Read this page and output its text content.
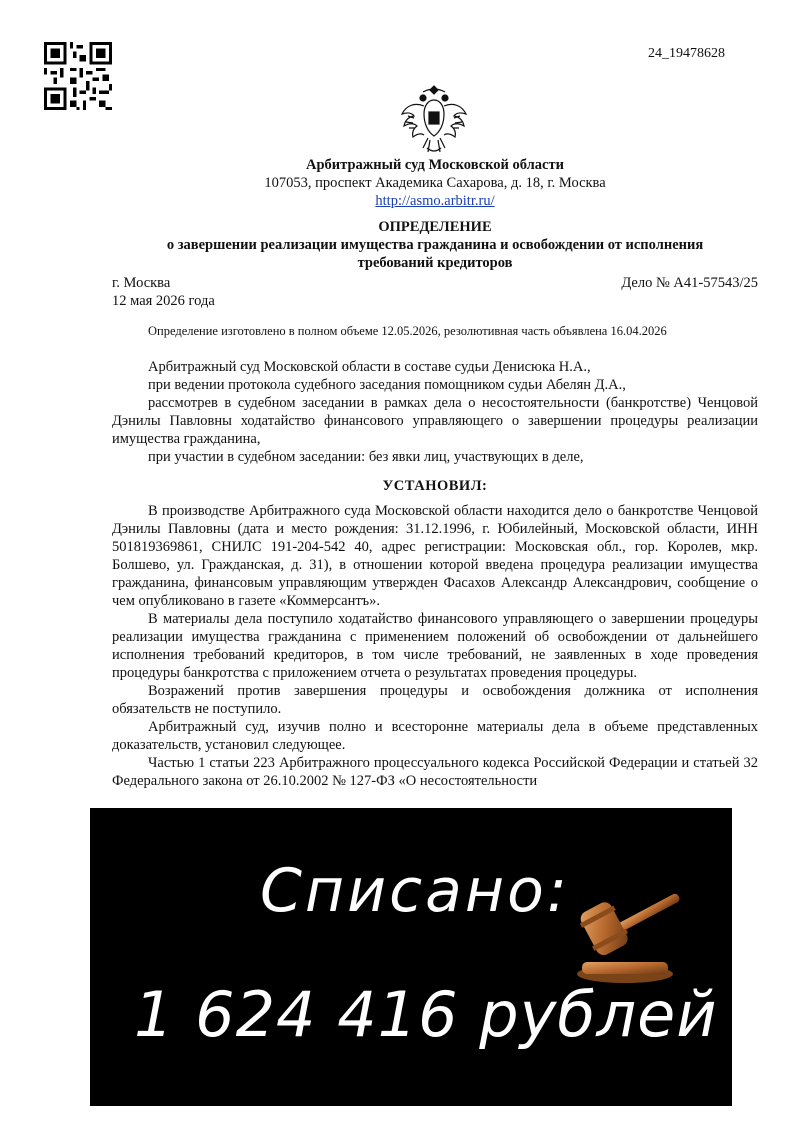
24_19478628
Арбитражный суд Московской области
107053, проспект Академика Сахарова, д. 18, г. Москва
http://asmo.arbitr.ru/
ОПРЕДЕЛЕНИЕ
о завершении реализации имущества гражданина и освобождении от исполнения
требований кредиторов
г. Москва
12 мая 2026 года
Дело № А41-57543/25
Определение изготовлено в полном объеме 12.05.2026, резолютивная часть объявлена 16.04.2026

Арбитражный суд Московской области в составе судьи Денисюка Н.А.,

при ведении протокола судебного заседания помощником судьи Абелян Д.А.,

рассмотрев в судебном заседании в рамках дела о несостоятельности (банкротстве) Ченцовой Дэнилы Павловны ходатайство финансового управляющего о завершении процедуры реализации имущества гражданина,

при участии в судебном заседании: без явки лиц, участвующих в деле,

УСТАНОВИЛ:

В производстве Арбитражного суда Московской области находится дело о банкротстве Ченцовой Дэнилы Павловны (дата и место рождения: 31.12.1996, г. Юбилейный, Московской области, ИНН 501819369861, СНИЛС 191-204-542 40, адрес регистрации: Московская обл., гор. Королев, мкр. Болшево, ул. Гражданская, д. 31), в отношении которой введена процедура реализации имущества гражданина, финансовым управляющим утвержден Фасахов Александр Александрович, сообщение о чем опубликовано в газете «Коммерсантъ».

В материалы дела поступило ходатайство финансового управляющего о завершении процедуры реализации имущества гражданина с применением положений об освобождении от дальнейшего исполнения требований кредиторов, в том числе требований, не заявленных в ходе проведения процедуры банкротства с приложением отчета о результатах проведения процедуры.

Возражений против завершения процедуры и освобождения должника от исполнения обязательств не поступило.

Арбитражный суд, изучив полно и всесторонне материалы дела в объеме представленных доказательств, установил следующее.

Частью 1 статьи 223 Арбитражного процессуального кодекса Российской Федерации и статьей 32 Федерального закона от 26.10.2002 № 127-ФЗ «О несостоятельности

Списано:
1 624 416 рублей
